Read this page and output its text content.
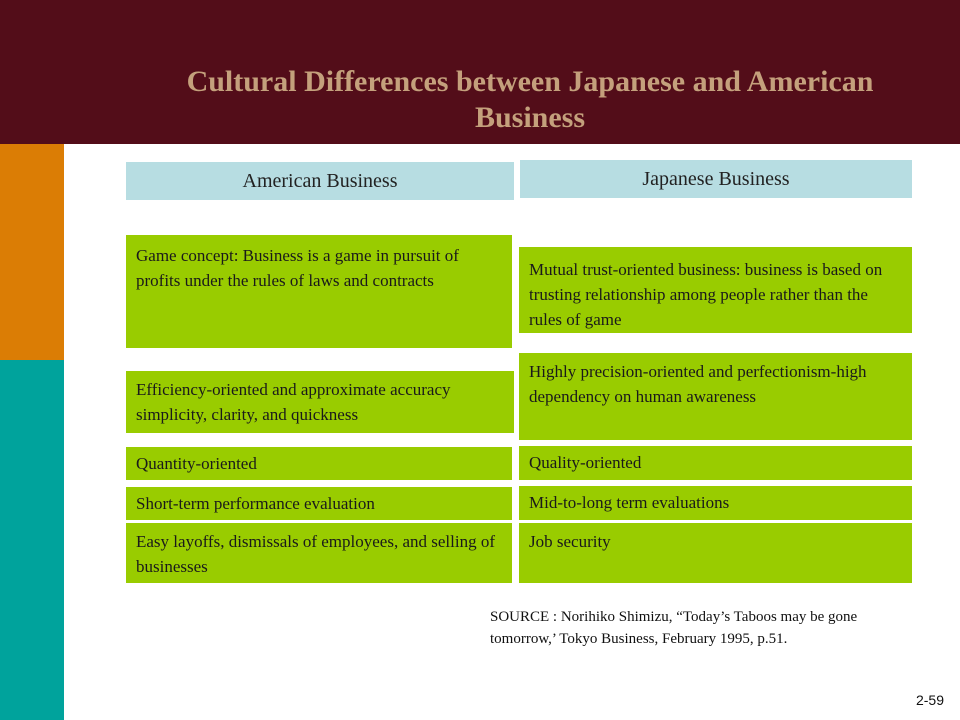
Cultural Differences between Japanese and American Business
American Business	Japanese Business
Game concept: Business is a game in pursuit of profits under the rules of laws and contracts
Efficiency-oriented and approximate accuracy simplicity, clarity, and quickness
Quantity-oriented
Short-term performance evaluation
Easy layoffs, dismissals of employees, and selling of businesses
Mutual trust-oriented business: business is based on trusting relationship among people rather than the rules of game
Highly precision-oriented and perfectionism-high dependency on human awareness
Quality-oriented
Mid-to-long term evaluations
Job security
SOURCE : Norihiko Shimizu, “Today’s Taboos may be gone tomorrow,’ Tokyo Business, February 1995, p.51.
2-59
